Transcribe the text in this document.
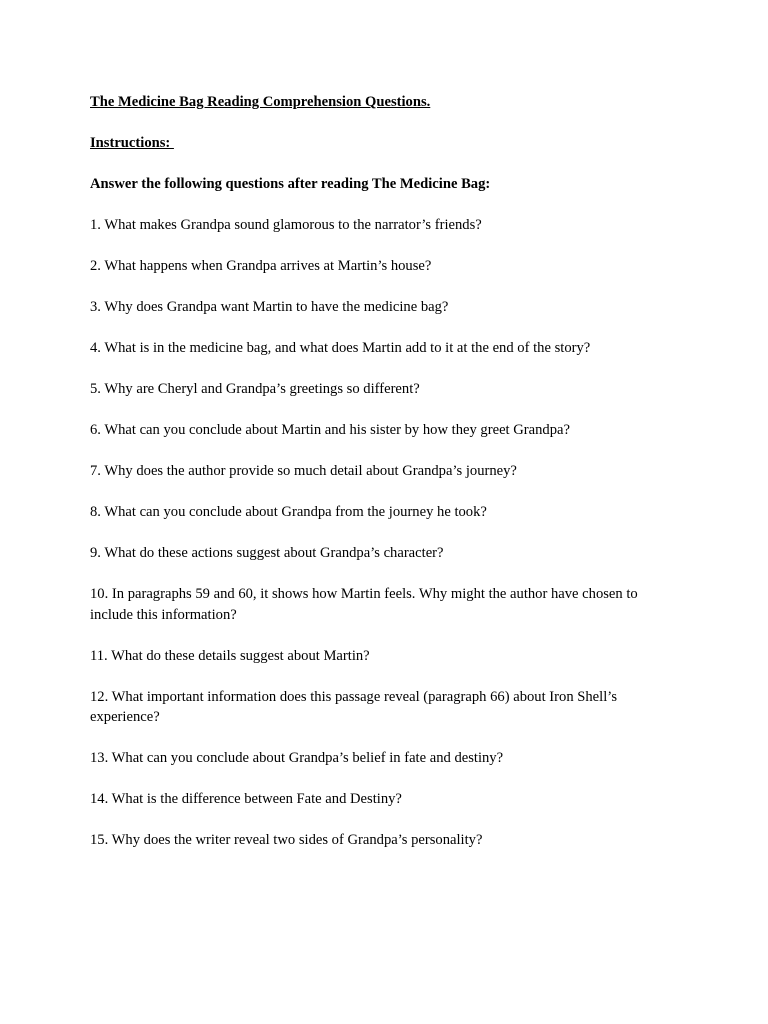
The Medicine Bag Reading Comprehension Questions.

Instructions:

Answer the following questions after reading The Medicine Bag:

1. What makes Grandpa sound glamorous to the narrator’s friends?
2. What happens when Grandpa arrives at Martin’s house?
3. Why does Grandpa want Martin to have the medicine bag?
4. What is in the medicine bag, and what does Martin add to it at the end of the story?
5. Why are Cheryl and Grandpa’s greetings so different?
6. What can you conclude about Martin and his sister by how they greet Grandpa?
7. Why does the author provide so much detail about Grandpa’s journey?
8. What can you conclude about Grandpa from the journey he took?
9. What do these actions suggest about Grandpa’s character?
10. In paragraphs 59 and 60, it shows how Martin feels. Why might the author have chosen to include this information?
11. What do these details suggest about Martin?
12. What important information does this passage reveal (paragraph 66) about Iron Shell’s experience?
13. What can you conclude about Grandpa’s belief in fate and destiny?
14. What is the difference between Fate and Destiny?
15. Why does the writer reveal two sides of Grandpa’s personality?
